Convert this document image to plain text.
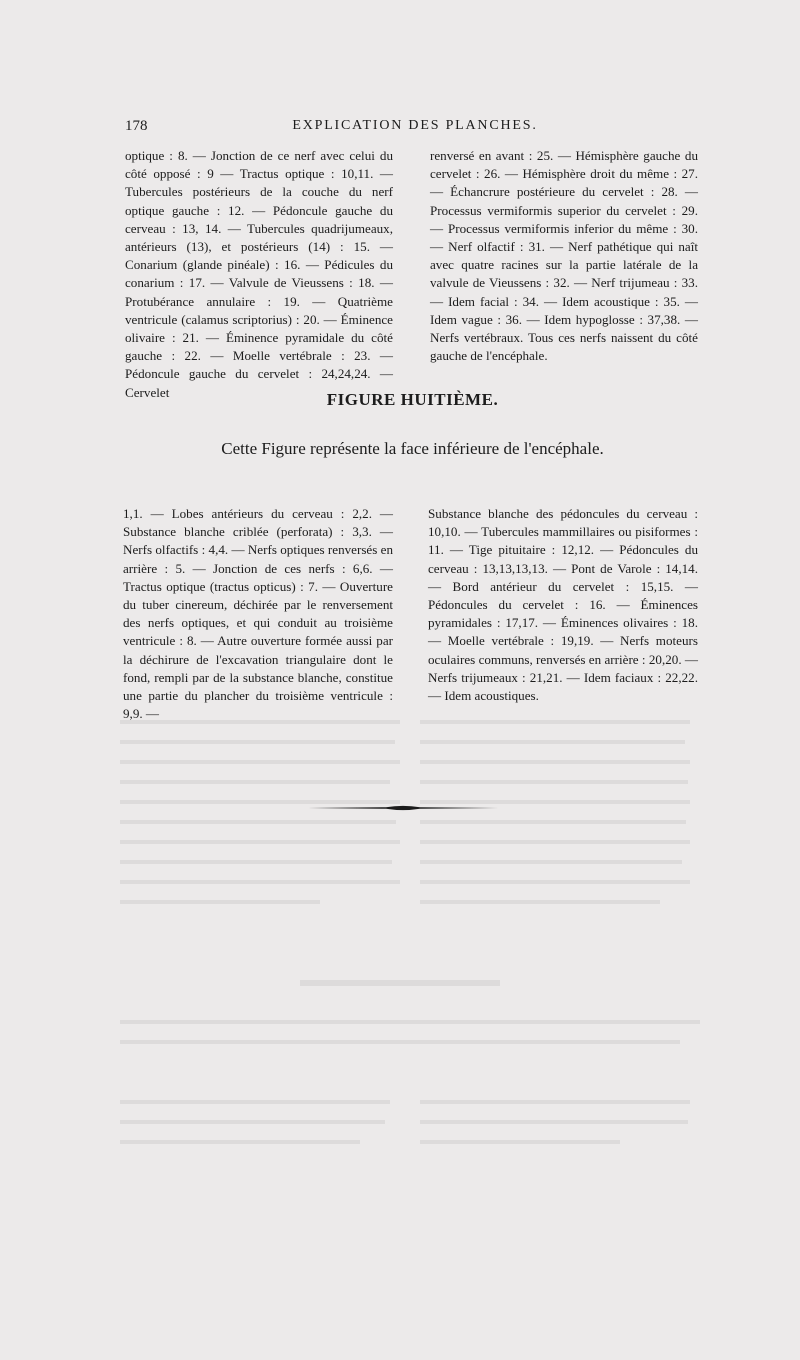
178	EXPLICATION DES PLANCHES.

optique : 8. — Jonction de ce nerf avec celui du côté opposé : 9 — Tractus optique : 10,11. — Tubercules postérieurs de la couche du nerf optique gauche : 12. — Pédoncule gauche du cerveau : 13, 14. — Tubercules quadrijumeaux, antérieurs (13), et postérieurs (14) : 15. — Conarium (glande pinéale) : 16. — Pédicules du conarium : 17. — Valvule de Vieussens : 18. — Protubérance annulaire : 19. — Quatrième ventricule (calamus scriptorius) : 20. — Éminence olivaire : 21. — Éminence pyramidale du côté gauche : 22. — Moelle vertébrale : 23. — Pédoncule gauche du cervelet : 24,24,24. — Cervelet

renversé en avant : 25. — Hémisphère gauche du cervelet : 26. — Hémisphère droit du même : 27. — Échancrure postérieure du cervelet : 28. — Processus vermiformis superior du cervelet : 29. — Processus vermiformis inferior du même : 30. — Nerf olfactif : 31. — Nerf pathétique qui naît avec quatre racines sur la partie latérale de la valvule de Vieussens : 32. — Nerf trijumeau : 33. — Idem facial : 34. — Idem acoustique : 35. — Idem vague : 36. — Idem hypoglosse : 37,38. — Nerfs vertébraux. Tous ces nerfs naissent du côté gauche de l'encéphale.

FIGURE HUITIÈME.
Cette Figure représente la face inférieure de l'encéphale.

1,1. — Lobes antérieurs du cerveau : 2,2. — Substance blanche criblée (perforata) : 3,3. — Nerfs olfactifs : 4,4. — Nerfs optiques renversés en arrière : 5. — Jonction de ces nerfs : 6,6. — Tractus optique (tractus opticus) : 7. — Ouverture du tuber cinereum, déchirée par le renversement des nerfs optiques, et qui conduit au troisième ventricule : 8. — Autre ouverture formée aussi par la déchirure de l'excavation triangulaire dont le fond, rempli par de la substance blanche, constitue une partie du plancher du troisième ventricule : 9,9. —

Substance blanche des pédoncules du cerveau : 10,10. — Tubercules mammillaires ou pisiformes : 11. — Tige pituitaire : 12,12. — Pédoncules du cerveau : 13,13,13,13. — Pont de Varole : 14,14. — Bord antérieur du cervelet : 15,15. — Pédoncules du cervelet : 16. — Éminences pyramidales : 17,17. — Éminences olivaires : 18. — Moelle vertébrale : 19,19. — Nerfs moteurs oculaires communs, renversés en arrière : 20,20. — Nerfs trijumeaux : 21,21. — Idem faciaux : 22,22. — Idem acoustiques.
